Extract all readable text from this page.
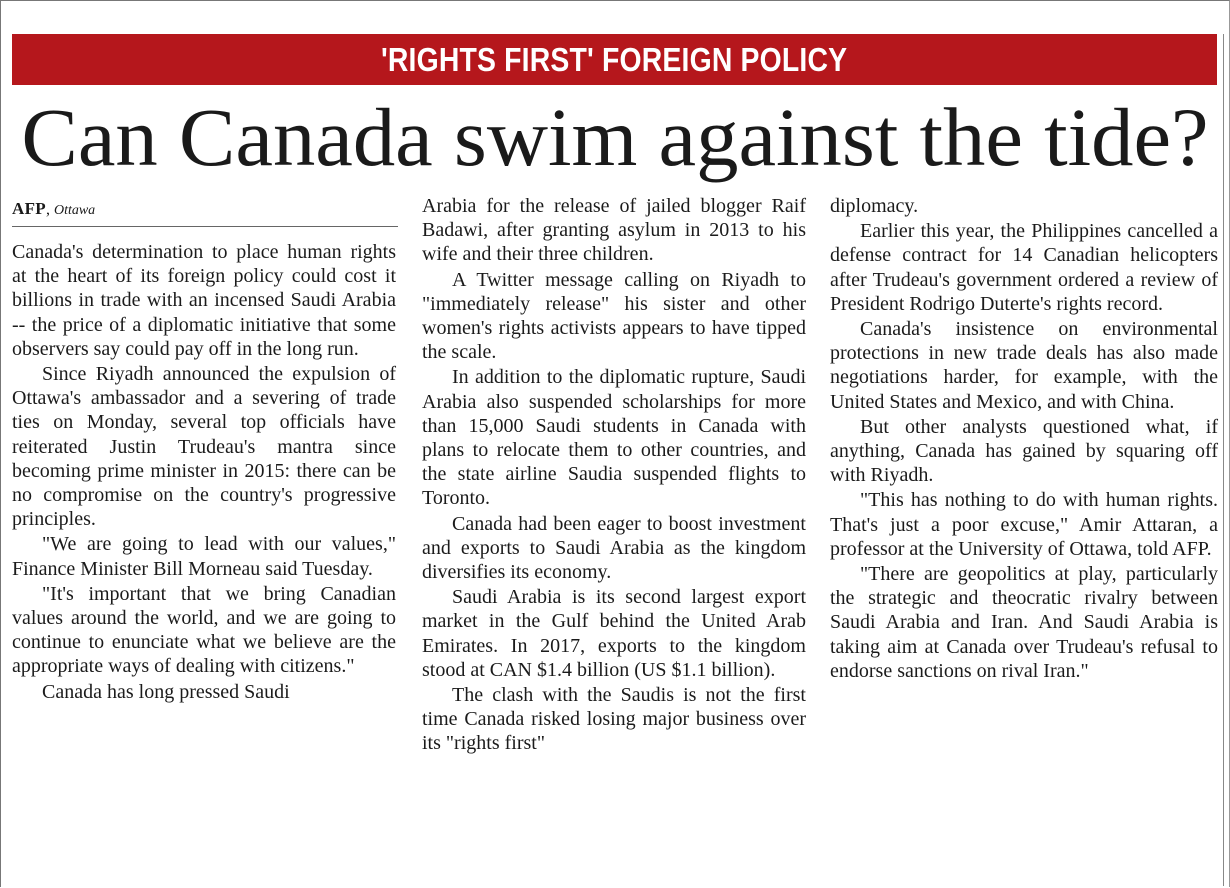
'RIGHTS FIRST' FOREIGN POLICY
Can Canada swim against the tide?
AFP, Ottawa

Canada's determination to place human rights at the heart of its foreign policy could cost it billions in trade with an incensed Saudi Arabia -- the price of a diplomatic initiative that some observers say could pay off in the long run.

Since Riyadh announced the expulsion of Ottawa's ambassador and a severing of trade ties on Monday, several top officials have reiterated Justin Trudeau's mantra since becoming prime minister in 2015: there can be no compromise on the country's progressive principles.

"We are going to lead with our values," Finance Minister Bill Morneau said Tuesday.

"It's important that we bring Canadian values around the world, and we are going to continue to enunciate what we believe are the appropriate ways of dealing with citizens."

Canada has long pressed Saudi

Arabia for the release of jailed blogger Raif Badawi, after granting asylum in 2013 to his wife and their three children.

A Twitter message calling on Riyadh to "immediately release" his sister and other women's rights activists appears to have tipped the scale.

In addition to the diplomatic rupture, Saudi Arabia also suspended scholarships for more than 15,000 Saudi students in Canada with plans to relocate them to other countries, and the state airline Saudia suspended flights to Toronto.

Canada had been eager to boost investment and exports to Saudi Arabia as the kingdom diversifies its economy.

Saudi Arabia is its second largest export market in the Gulf behind the United Arab Emirates. In 2017, exports to the kingdom stood at CAN $1.4 billion (US $1.1 billion).

The clash with the Saudis is not the first time Canada risked losing major business over its "rights first"

diplomacy.

Earlier this year, the Philippines cancelled a defense contract for 14 Canadian helicopters after Trudeau's government ordered a review of President Rodrigo Duterte's rights record.

Canada's insistence on environmental protections in new trade deals has also made negotiations harder, for example, with the United States and Mexico, and with China.

But other analysts questioned what, if anything, Canada has gained by squaring off with Riyadh.

"This has nothing to do with human rights. That's just a poor excuse," Amir Attaran, a professor at the University of Ottawa, told AFP.

"There are geopolitics at play, particularly the strategic and theocratic rivalry between Saudi Arabia and Iran. And Saudi Arabia is taking aim at Canada over Trudeau's refusal to endorse sanctions on rival Iran."
